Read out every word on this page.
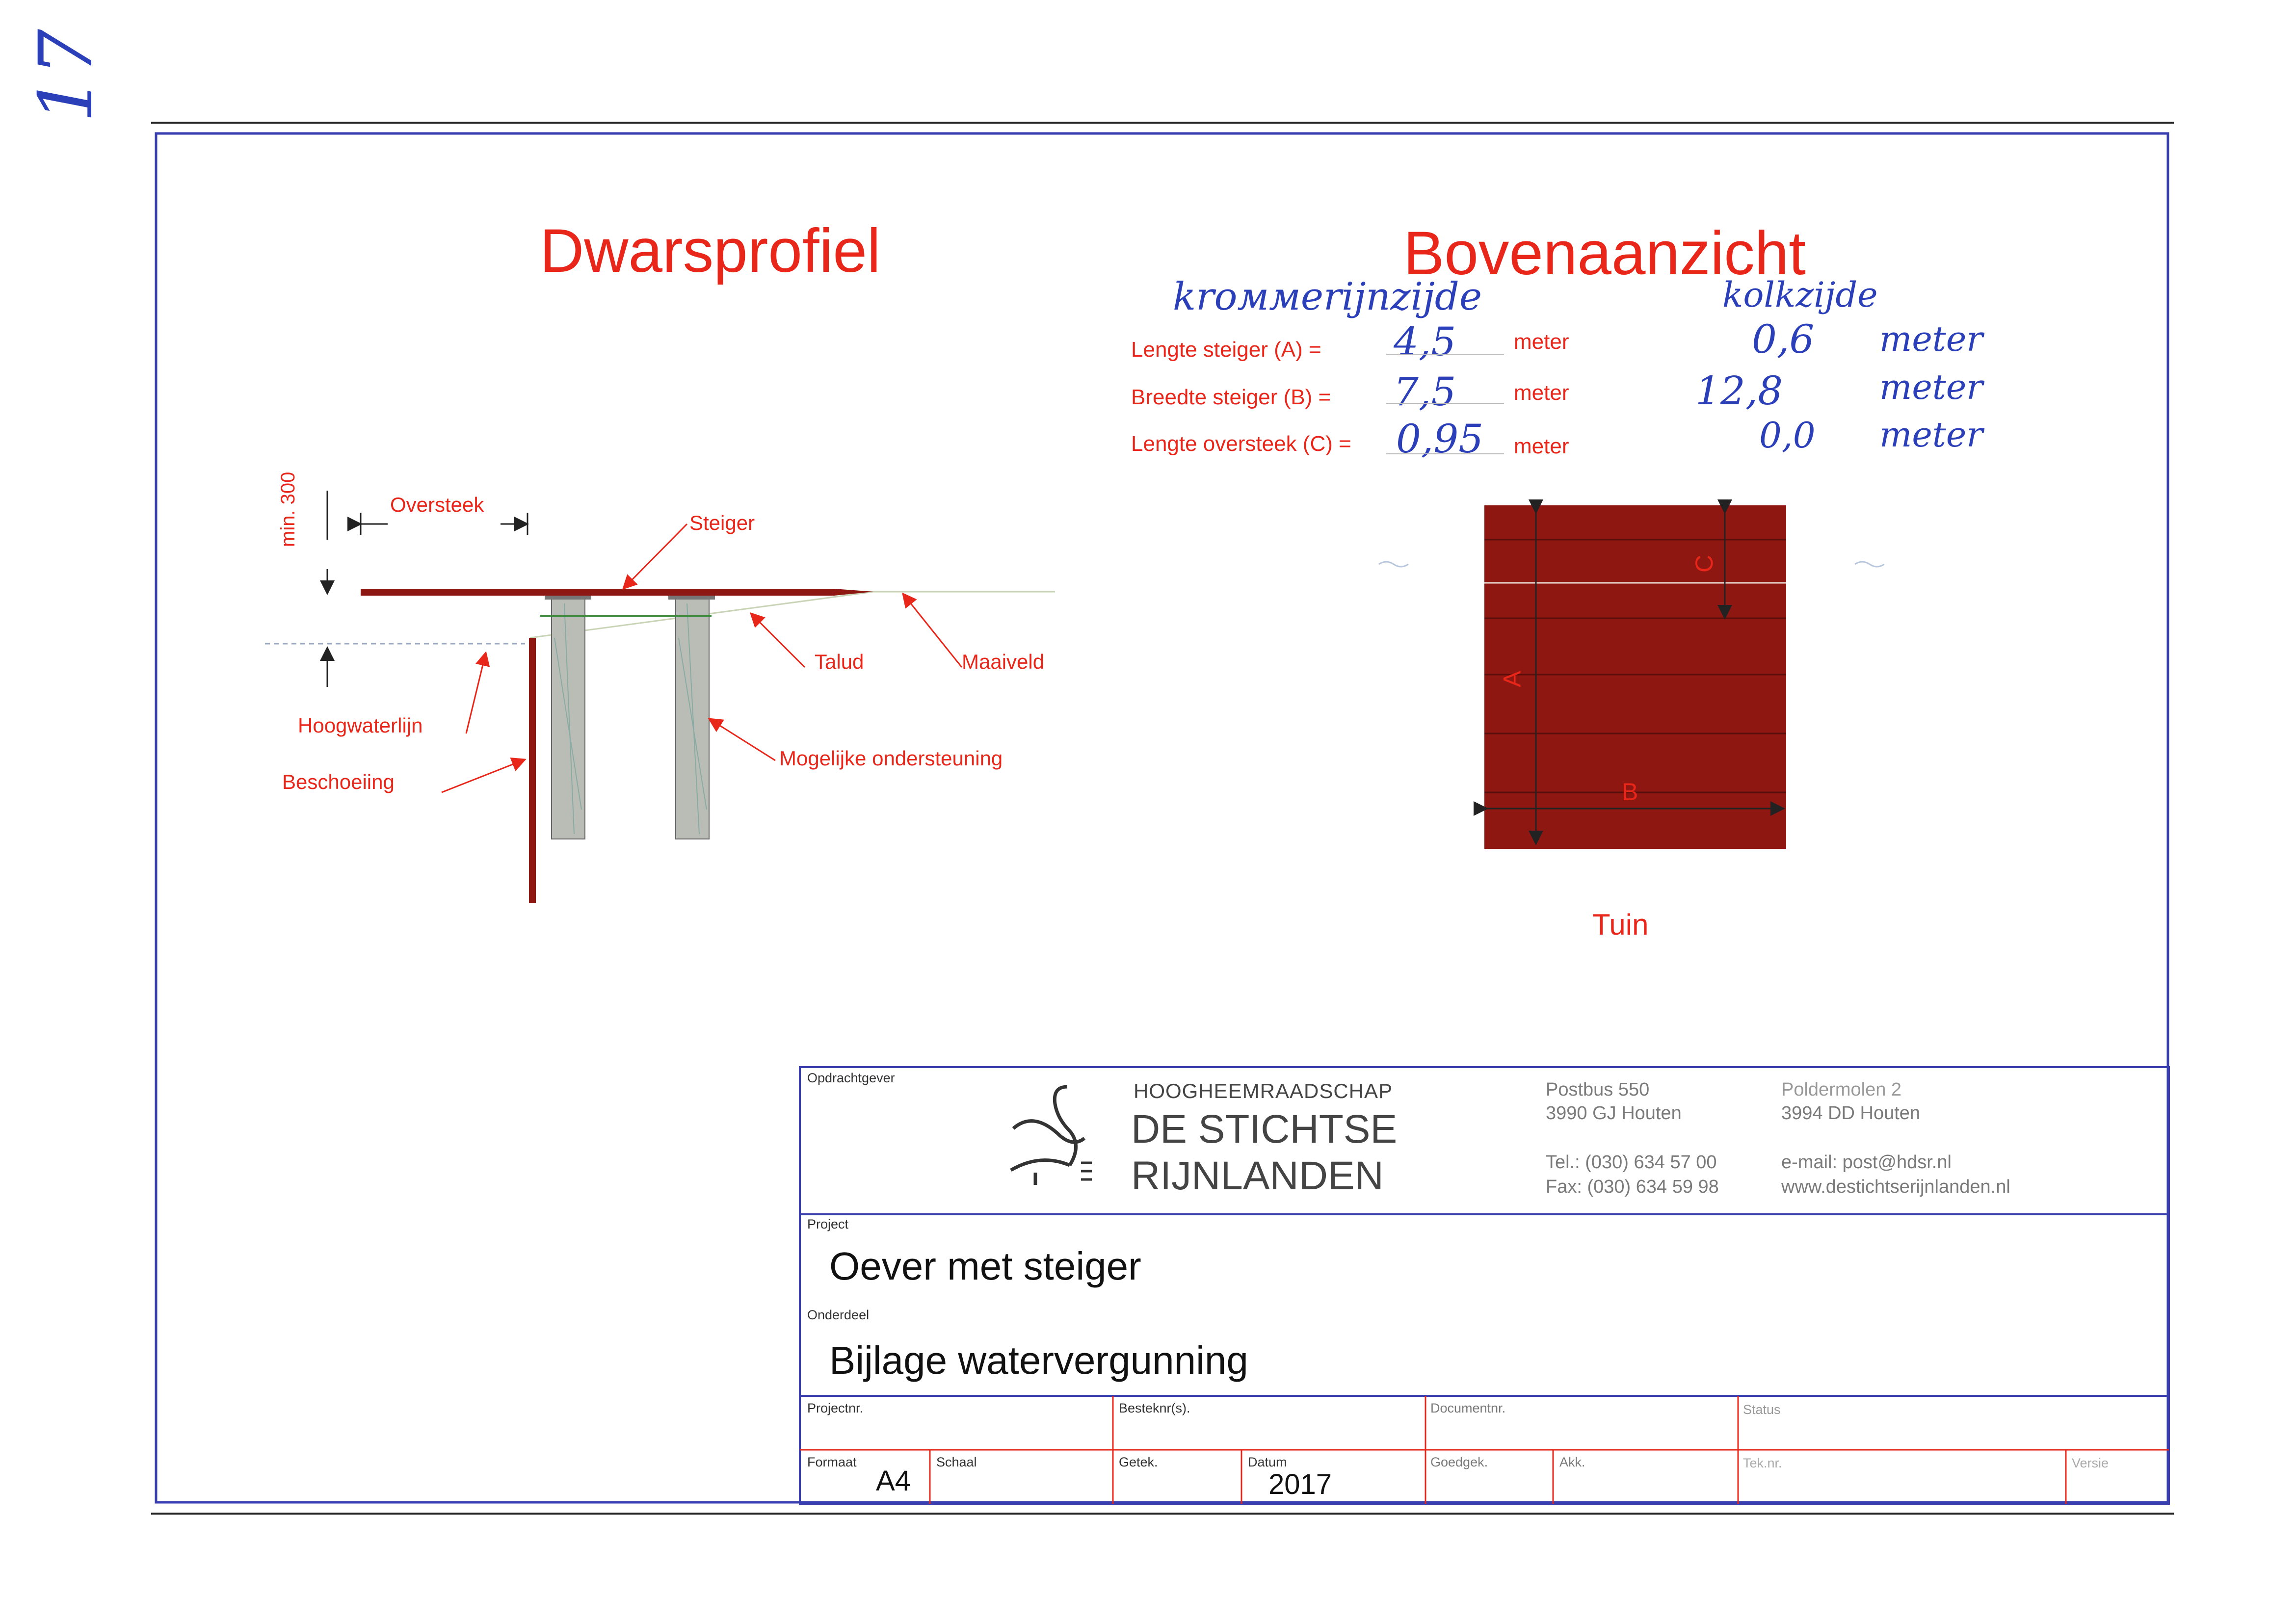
17
Dwarsprofiel
min. 300	Oversteek
Steiger
Talud	Maaiveld
Hoogwaterlijn
Beschoeiing
Mogelijke ondersteuning
Bovenaanzicht
kroммerijnzijde	kolkzijde
Lengte steiger (A) = 4,5	meter	0,6 meter
Breedte steiger (B) = 7,5	meter	12,8	meter
Lengte oversteek (C) = 0,95 meter	0,0 meter
A
B
C
Tuin
Opdrachtgever
HOOGHEEMRAADSCHAP
DE STICHTSE
RIJNLANDEN
Postbus 550
3990 GJ Houten
Tel.: (030) 634 57 00
Fax: (030) 634 59 98
Poldermolen 2
3994 DD Houten
e-mail: post@hdsr.nl
www.destichtserijnlanden.nl
Project
Oever met steiger
Onderdeel
Bijlage watervergunning
Projectnr.	Besteknr(s).	Documentnr.	Status
Formaat
A4
Schaal	Getek.	Datum
2017
Goedgek.	Akk.	Tek.nr.	Versie
